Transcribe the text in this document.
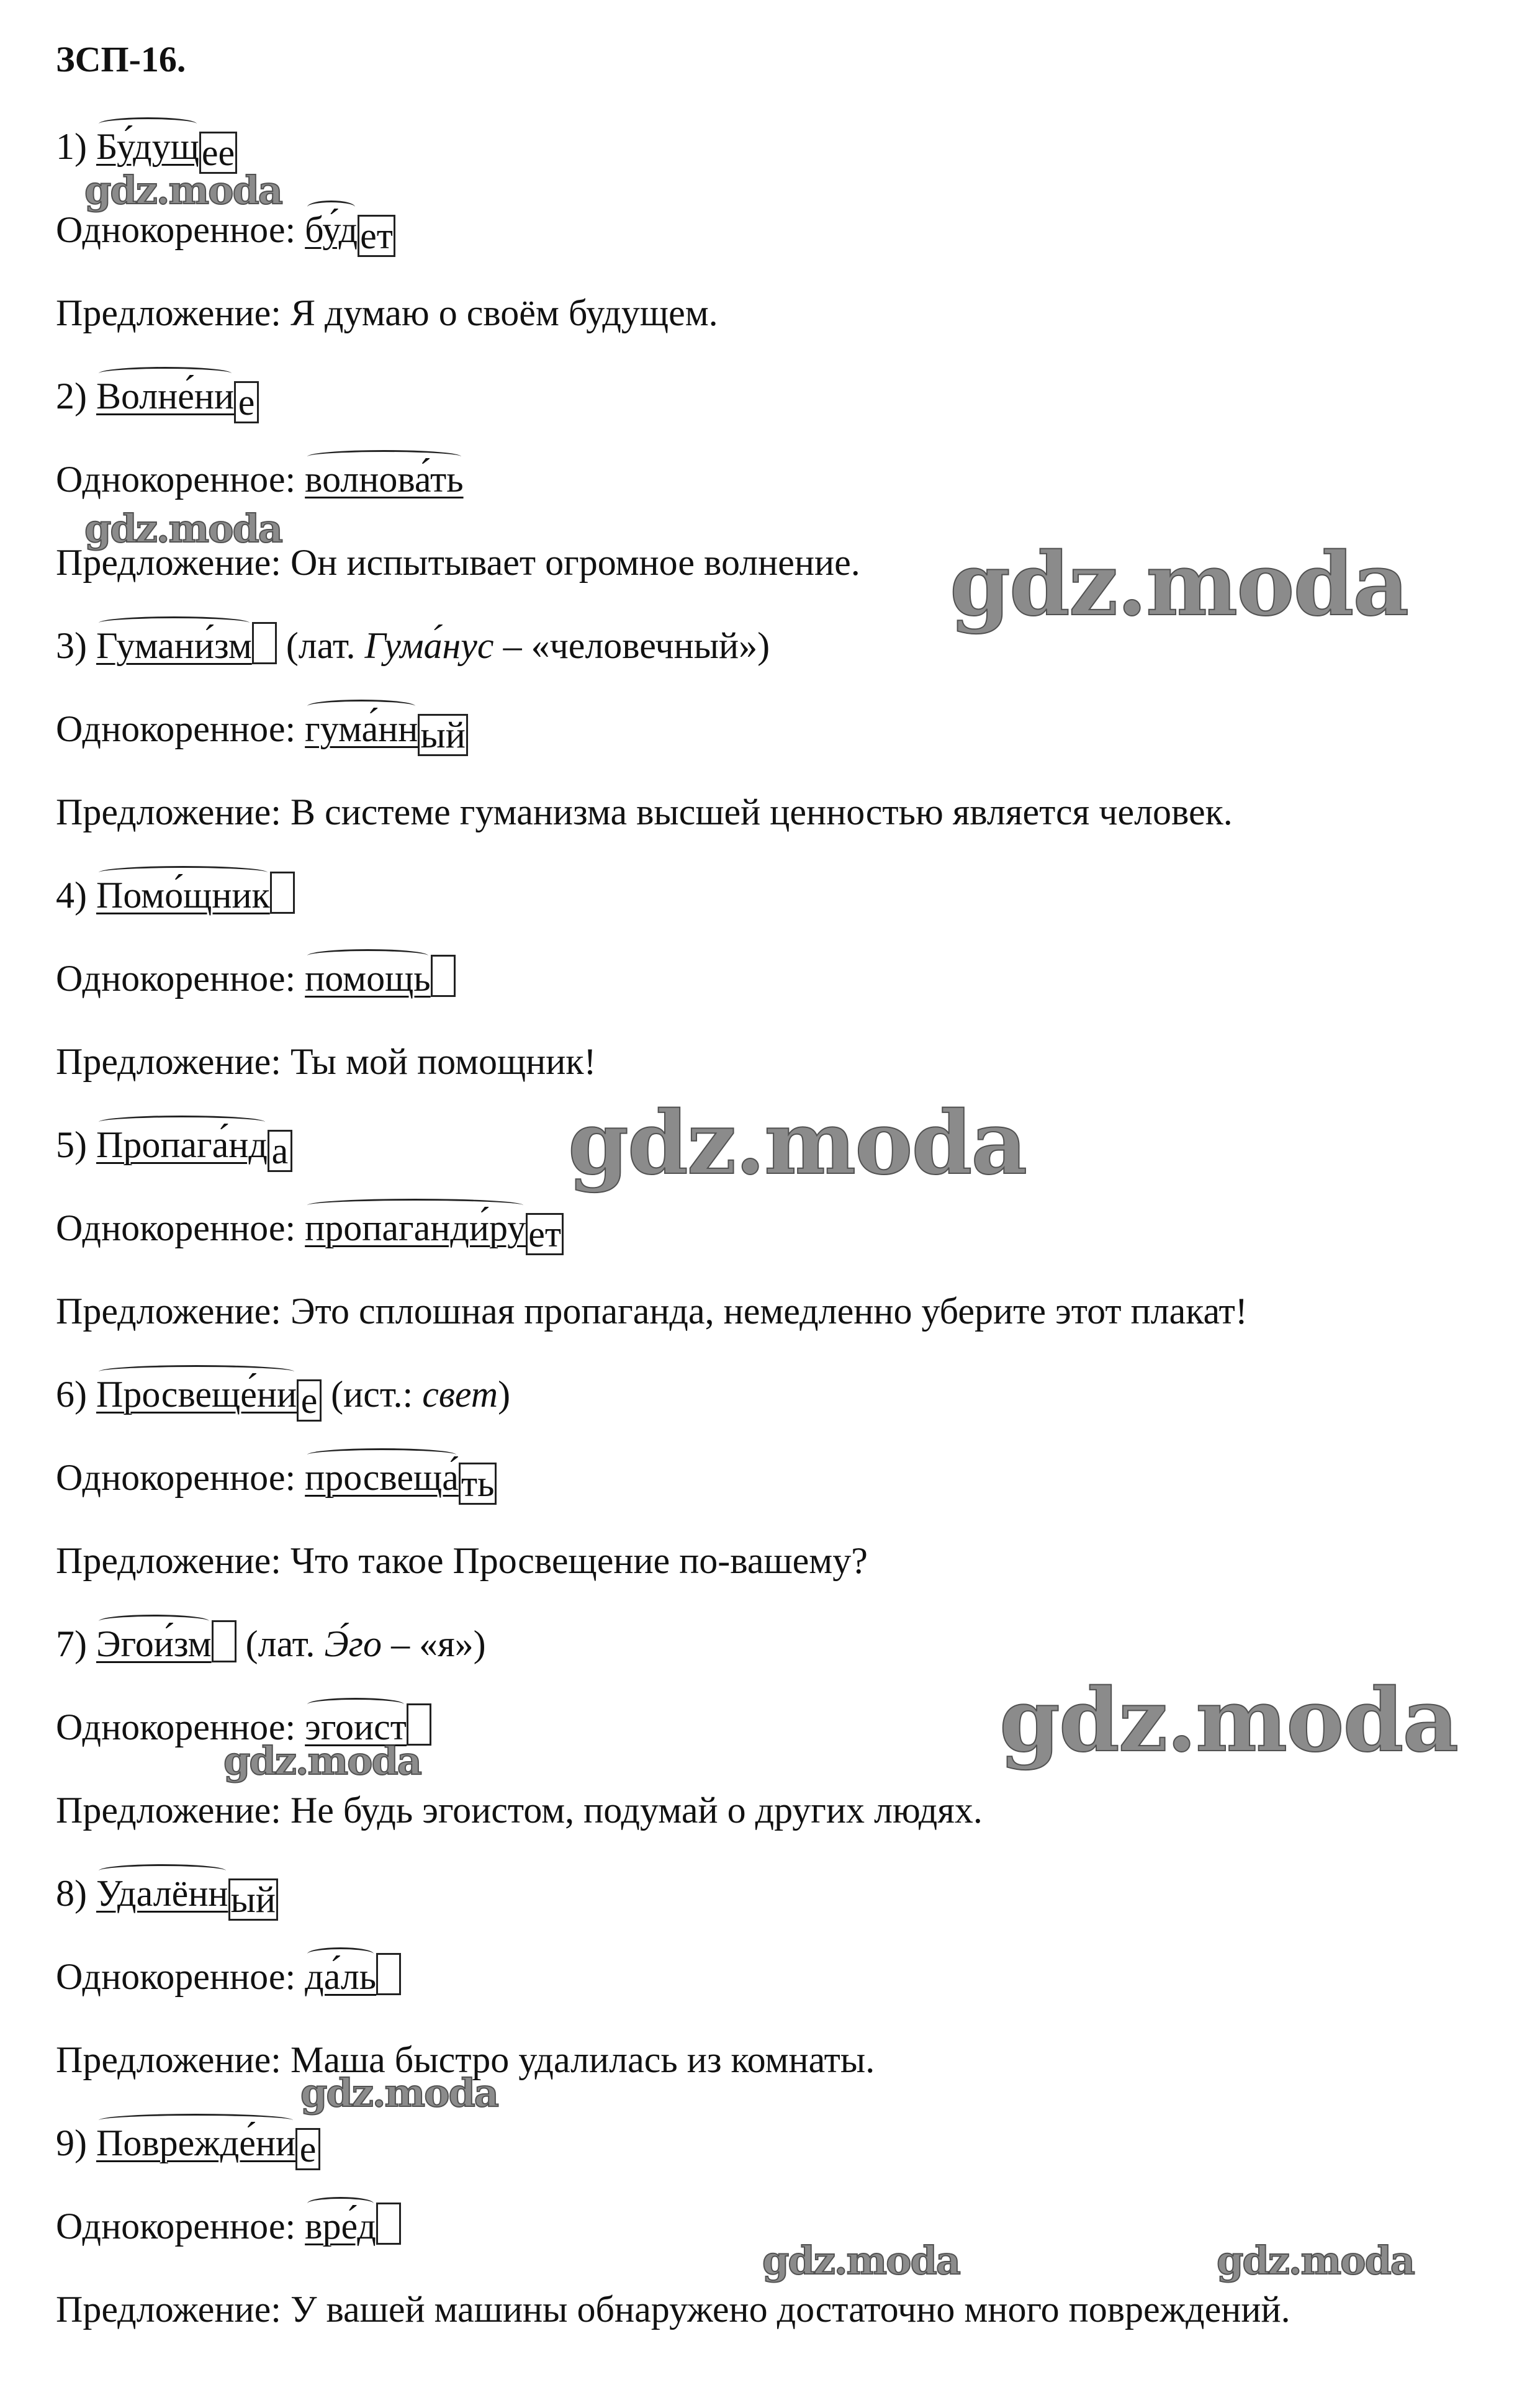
ЗСП-16.
1) Бу́дущее
Однокоренное: бу́дет
Предложение: Я думаю о своём будущем.
2) Волне́ни е
Однокоренное: волнова́ть
Предложение: Он испытывает огромное волнение.
3) Гумани́зм (лат. Гума́нус – «человечный»)
Однокоренное: гума́нный
Предложение: В системе гуманизма высшей ценностью является человек.
4) Помо́щник
Однокоренное: помощь
Предложение: Ты мой помощник!
5) Пропага́нд а
Однокоренное: пропаганди́рует
Предложение: Это сплошная пропаганда, немедленно уберите этот плакат!
6) Просвеще́ни е (ист.: свет)
Однокоренное: просвеща́ть
Предложение: Что такое Просвещение по-вашему?
7) Эгои́зм (лат. Э́го – «я»)
Однокоренное: эгоист
Предложение: Не будь эгоистом, подумай о других людях.
8) Удалённый
Однокоренное: да́ль
Предложение: Маша быстро удалилась из комнаты.
9) Поврежде́ни е
Однокоренное: вре́д
Предложение: У вашей машины обнаружено достаточно много повреждений.
gdz.moda
gdz.moda
gdz.moda
gdz.moda
gdz.moda
gdz.moda
gdz.moda
gdz.moda	gdz.moda
